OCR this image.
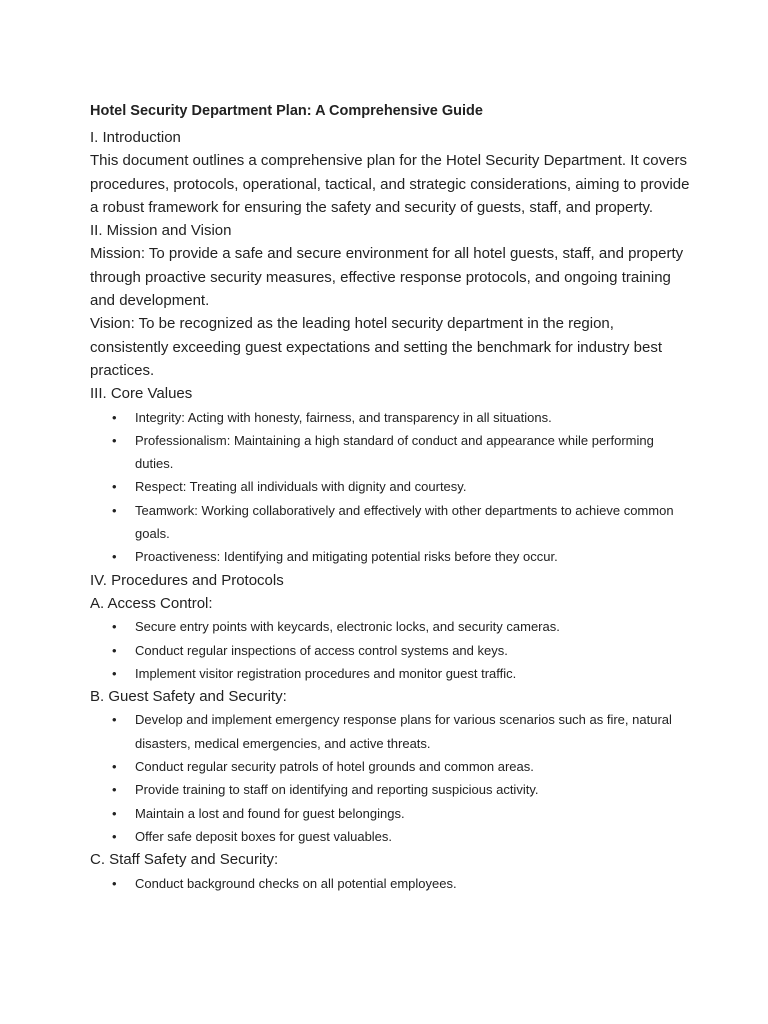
Hotel Security Department Plan: A Comprehensive Guide
I. Introduction
This document outlines a comprehensive plan for the Hotel Security Department. It covers procedures, protocols, operational, tactical, and strategic considerations, aiming to provide a robust framework for ensuring the safety and security of guests, staff, and property.
II. Mission and Vision
Mission: To provide a safe and secure environment for all hotel guests, staff, and property through proactive security measures, effective response protocols, and ongoing training and development.
Vision: To be recognized as the leading hotel security department in the region, consistently exceeding guest expectations and setting the benchmark for industry best practices.
III. Core Values
• Integrity: Acting with honesty, fairness, and transparency in all situations.
• Professionalism: Maintaining a high standard of conduct and appearance while performing duties.
• Respect: Treating all individuals with dignity and courtesy.
• Teamwork: Working collaboratively and effectively with other departments to achieve common goals.
• Proactiveness: Identifying and mitigating potential risks before they occur.
IV. Procedures and Protocols
A. Access Control:
• Secure entry points with keycards, electronic locks, and security cameras.
• Conduct regular inspections of access control systems and keys.
• Implement visitor registration procedures and monitor guest traffic.
B. Guest Safety and Security:
• Develop and implement emergency response plans for various scenarios such as fire, natural disasters, medical emergencies, and active threats.
• Conduct regular security patrols of hotel grounds and common areas.
• Provide training to staff on identifying and reporting suspicious activity.
• Maintain a lost and found for guest belongings.
• Offer safe deposit boxes for guest valuables.
C. Staff Safety and Security:
• Conduct background checks on all potential employees.
